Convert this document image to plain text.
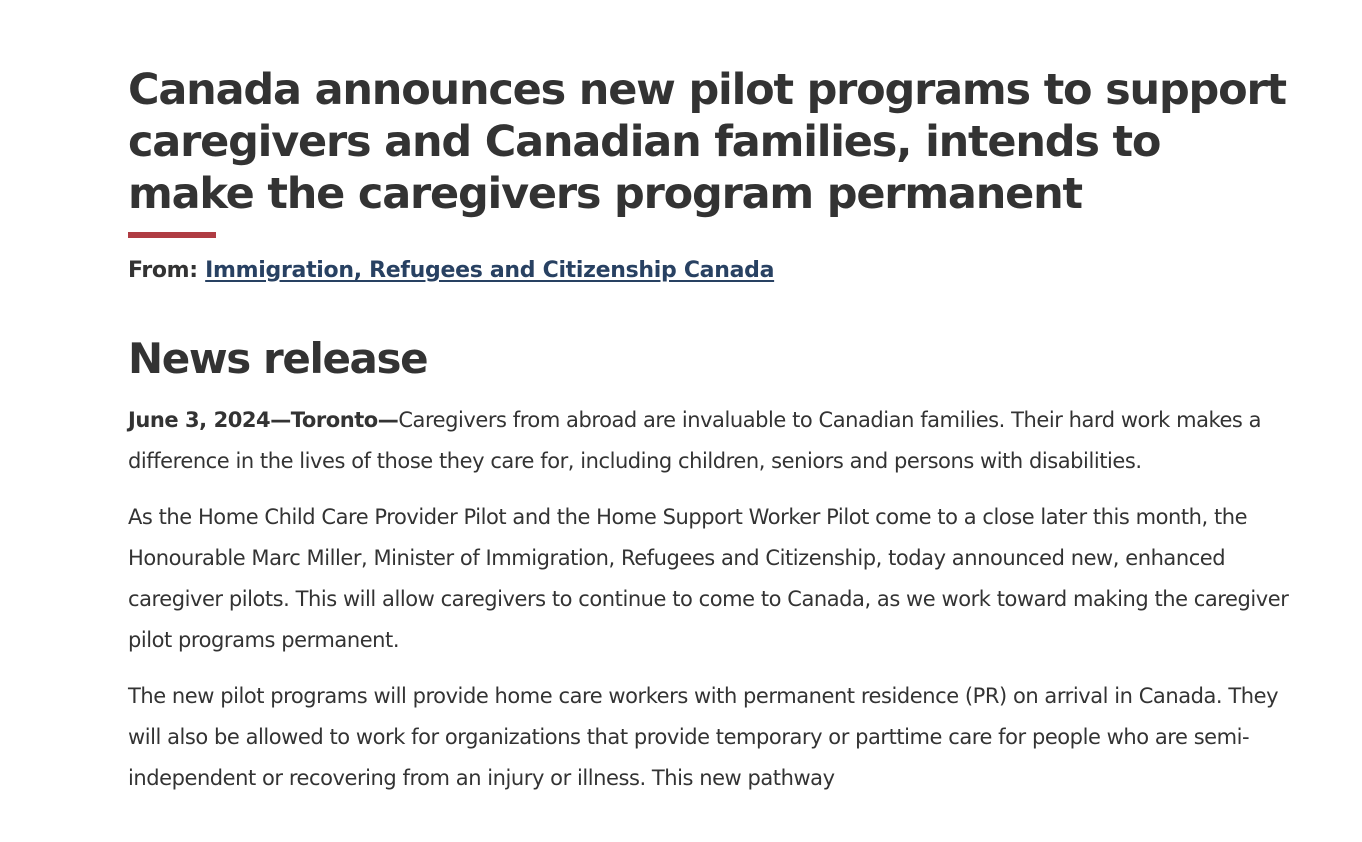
Canada announces new pilot programs to support caregivers and Canadian families, intends to make the caregivers program permanent
From: Immigration, Refugees and Citizenship Canada
News release

June 3, 2024—Toronto—Caregivers from abroad are invaluable to Canadian families. Their hard work makes a difference in the lives of those they care for, including children, seniors and persons with disabilities.

As the Home Child Care Provider Pilot and the Home Support Worker Pilot come to a close later this month, the Honourable Marc Miller, Minister of Immigration, Refugees and Citizenship, today announced new, enhanced caregiver pilots. This will allow caregivers to continue to come to Canada, as we work toward making the caregiver pilot programs permanent.

The new pilot programs will provide home care workers with permanent residence (PR) on arrival in Canada. They will also be allowed to work for organizations that provide temporary or parttime care for people who are semi-independent or recovering from an injury or illness. This new pathway
